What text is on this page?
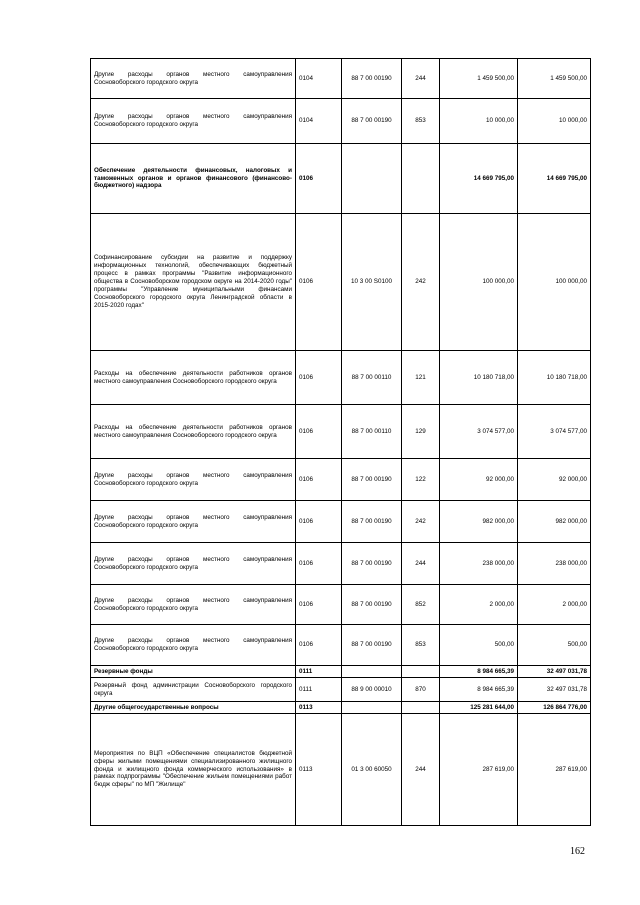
Другие расходы органов местного самоуправления Сосновоборского городского округа	0104	88 7 00 00190	244	1 459 500,00	1 459 500,00
Другие расходы органов местного самоуправления Сосновоборского городского округа	0104	88 7 00 00190	853	10 000,00	10 000,00
Обеспечение деятельности финансовых, налоговых и таможенных органов и органов финансового (финансово-бюджетного) надзора	0106			14 669 795,00	14 669 795,00
Софинансирование субсидии на развитие и поддержку информационных технологий, обеспечивающих бюджетный процесс в рамках программы "Развитие информационного общества в Сосновоборском городском округе на 2014-2020 годы" программы "Управление муниципальными финансами Сосновоборского городского округа Ленинградской области в 2015-2020 годах"	0106	10 3 00 S0100	242	100 000,00	100 000,00
Расходы на обеспечение деятельности работников органов местного самоуправления Сосновоборского городского округа	0106	88 7 00 00110	121	10 180 718,00	10 180 718,00
Расходы на обеспечение деятельности работников органов местного самоуправления Сосновоборского городского округа	0106	88 7 00 00110	129	3 074 577,00	3 074 577,00
Другие расходы органов местного самоуправления Сосновоборского городского округа	0106	88 7 00 00190	122	92 000,00	92 000,00
Другие расходы органов местного самоуправления Сосновоборского городского округа	0106	88 7 00 00190	242	982 000,00	982 000,00
Другие расходы органов местного самоуправления Сосновоборского городского округа	0106	88 7 00 00190	244	238 000,00	238 000,00
Другие расходы органов местного самоуправления Сосновоборского городского округа	0106	88 7 00 00190	852	2 000,00	2 000,00
Другие расходы органов местного самоуправления Сосновоборского городского округа	0106	88 7 00 00190	853	500,00	500,00
Резервные фонды	0111			8 984 665,39	32 497 031,78
Резервный фонд администрации Сосновоборского городского округа	0111	88 9 00 00010	870	8 984 665,39	32 497 031,78
Другие общегосударственные вопросы	0113			125 281 644,00	126 864 776,00
Мероприятия по ВЦП «Обеспечение специалистов бюджетной сферы жилыми помещениями специализированного жилищного фонда и жилищного фонда коммерческого использования» в рамках подпрограммы "Обеспечение жильем помещениями работ бюдж сферы" по МП "Жилище"	0113	01 3 00 60050	244	287 619,00	287 619,00
162
